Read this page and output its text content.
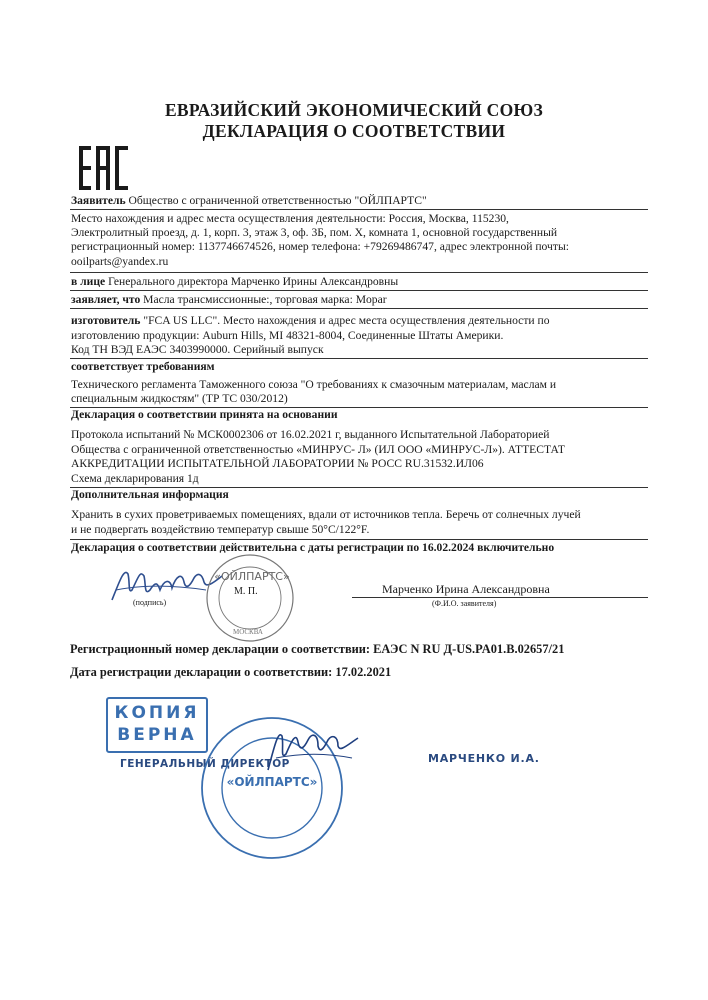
ЕВРАЗИЙСКИЙ ЭКОНОМИЧЕСКИЙ СОЮЗ
ДЕКЛАРАЦИЯ О СООТВЕТСТВИИ
Заявитель Общество с ограниченной ответственностью "ОЙЛПАРТС"
Место нахождения и адрес места осуществления деятельности: Россия, Москва, 115230,
Электролитный проезд, д. 1, корп. 3, этаж 3, оф. 3Б, пом. X, комната 1, основной государственный
регистрационный номер: 1137746674526, номер телефона: +79269486747, адрес электронной почты:
ooilparts@yandex.ru
в лице Генерального директора Марченко Ирины Александровны
заявляет, что Масла трансмиссионные:, торговая марка: Mopar
изготовитель "FCA US LLC". Место нахождения и адрес места осуществления деятельности по
изготовлению продукции: Auburn Hills, MI 48321-8004, Соединенные Штаты Америки.
Код ТН ВЭД ЕАЭС 3403990000. Серийный выпуск
соответствует требованиям
Технического регламента Таможенного союза "О требованиях к смазочным материалам, маслам и
специальным жидкостям" (ТР ТС 030/2012)
Декларация о соответствии принята на основании
Протокола испытаний № МСК0002306 от 16.02.2021 г, выданного Испытательной Лабораторией
Общества с ограниченной ответственностью «МИНРУС- Л» (ИЛ ООО «МИНРУС-Л»). АТТЕСТАТ
АККРЕДИТАЦИИ ИСПЫТАТЕЛЬНОЙ ЛАБОРАТОРИИ № РОСС RU.31532.ИЛ06
Схема декларирования 1д
Дополнительная информация
Хранить в сухих проветриваемых помещениях, вдали от источников тепла. Беречь от солнечных лучей
и не подвергать воздействию температур свыше 50°С/122°F.
Декларация о соответствии действительна с даты регистрации по 16.02.2024 включительно
(подпись)
«ОЙЛПАРТС»
М. П.
МОСКВА
Марченко Ирина Александровна
(Ф.И.О. заявителя)
Регистрационный номер декларации о соответствии: ЕАЭС N RU Д-US.PA01.B.02657/21
Дата регистрации декларации о соответствии: 17.02.2021
КОПИЯ
ВЕРНА
ГЕНЕРАЛЬНЫЙ ДИРЕКТОР
«ОЙЛПАРТС»
МАРЧЕНКО И.А.
